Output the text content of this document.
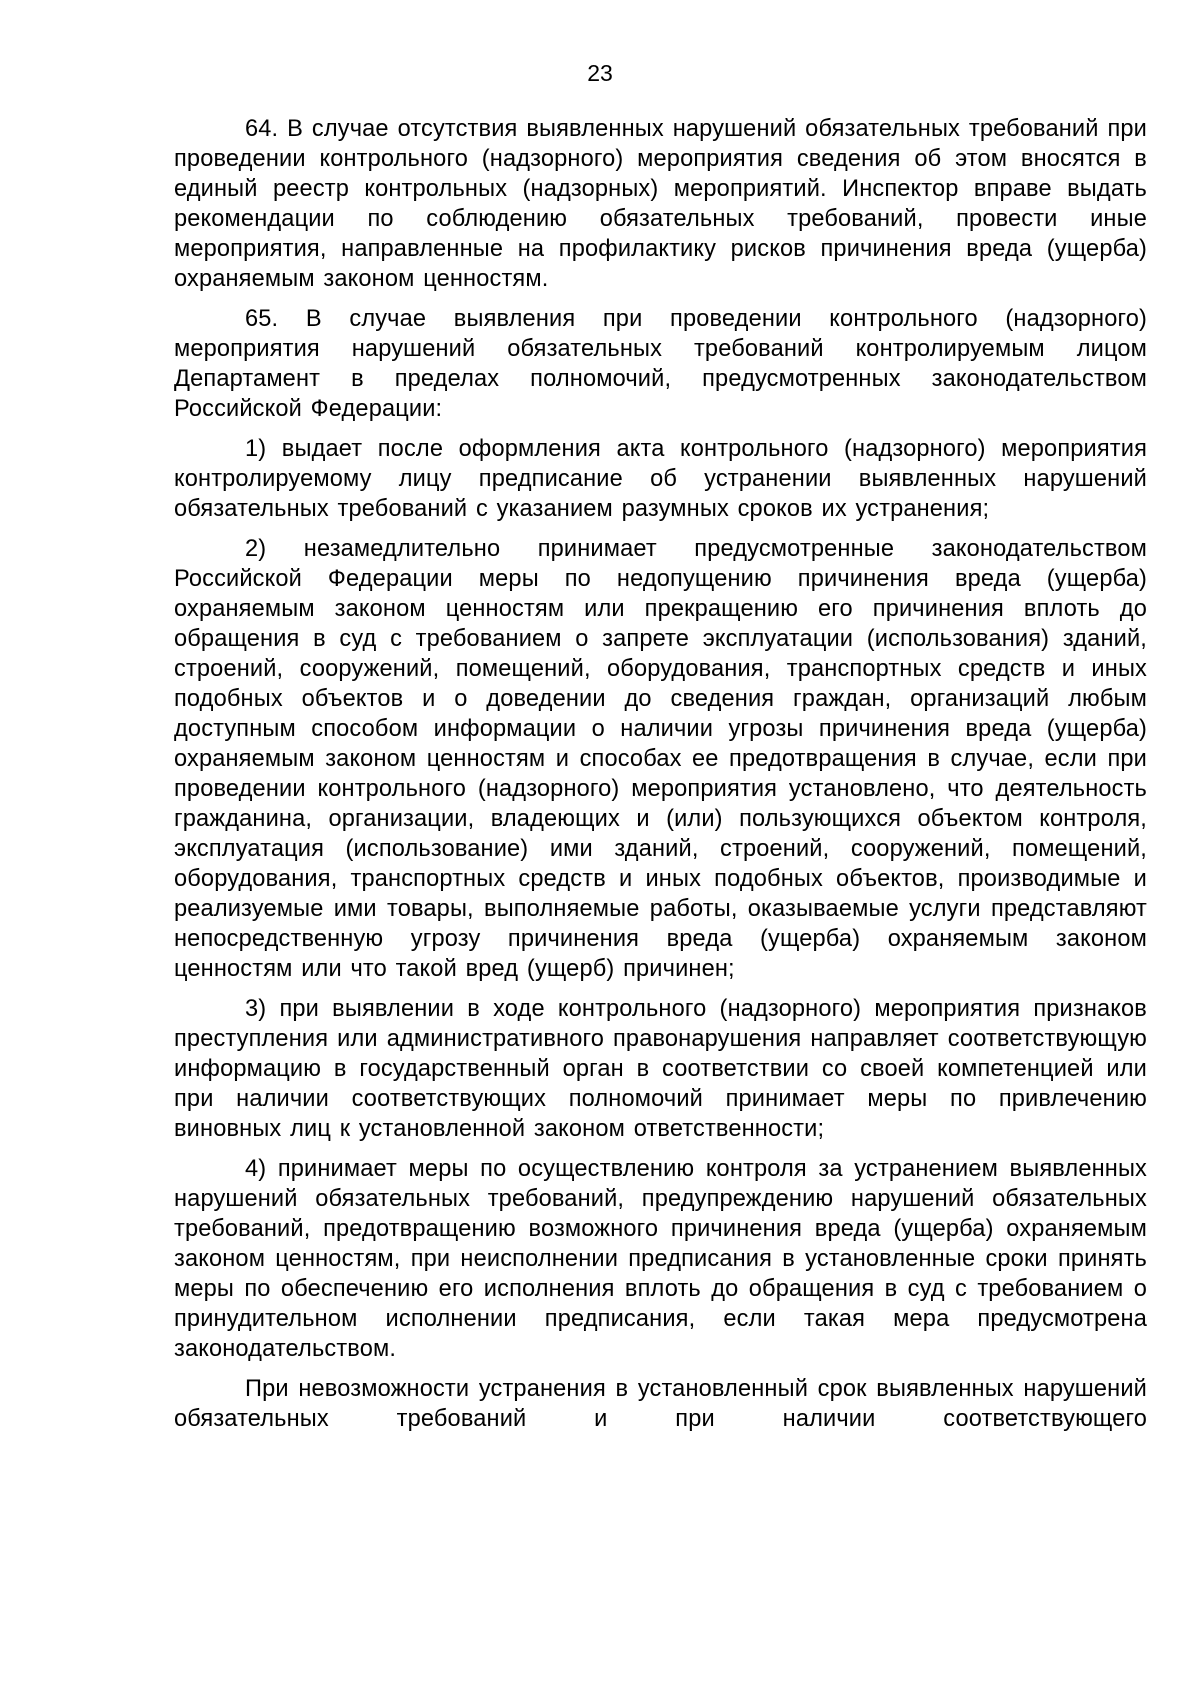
23

64. В случае отсутствия выявленных нарушений обязательных требований при проведении контрольного (надзорного) мероприятия сведения об этом вносятся в единый реестр контрольных (надзорных) мероприятий. Инспектор вправе выдать рекомендации по соблюдению обязательных требований, провести иные мероприятия, направленные на профилактику рисков причинения вреда (ущерба) охраняемым законом ценностям.

65. В случае выявления при проведении контрольного (надзорного) мероприятия нарушений обязательных требований контролируемым лицом Департамент в пределах полномочий, предусмотренных законодательством Российской Федерации:

1) выдает после оформления акта контрольного (надзорного) мероприятия контролируемому лицу предписание об устранении выявленных нарушений обязательных требований с указанием разумных сроков их устранения;

2) незамедлительно принимает предусмотренные законодательством Российской Федерации меры по недопущению причинения вреда (ущерба) охраняемым законом ценностям или прекращению его причинения вплоть до обращения в суд с требованием о запрете эксплуатации (использования) зданий, строений, сооружений, помещений, оборудования, транспортных средств и иных подобных объектов и о доведении до сведения граждан, организаций любым доступным способом информации о наличии угрозы причинения вреда (ущерба) охраняемым законом ценностям и способах ее предотвращения в случае, если при проведении контрольного (надзорного) мероприятия установлено, что деятельность гражданина, организации, владеющих и (или) пользующихся объектом контроля, эксплуатация (использование) ими зданий, строений, сооружений, помещений, оборудования, транспортных средств и иных подобных объектов, производимые и реализуемые ими товары, выполняемые работы, оказываемые услуги представляют непосредственную угрозу причинения вреда (ущерба) охраняемым законом ценностям или что такой вред (ущерб) причинен;

3) при выявлении в ходе контрольного (надзорного) мероприятия признаков преступления или административного правонарушения направляет соответствующую информацию в государственный орган в соответствии со своей компетенцией или при наличии соответствующих полномочий принимает меры по привлечению виновных лиц к установленной законом ответственности;

4) принимает меры по осуществлению контроля за устранением выявленных нарушений обязательных требований, предупреждению нарушений обязательных требований, предотвращению возможного причинения вреда (ущерба) охраняемым законом ценностям, при неисполнении предписания в установленные сроки принять меры по обеспечению его исполнения вплоть до обращения в суд с требованием о принудительном исполнении предписания, если такая мера предусмотрена законодательством.

При невозможности устранения в установленный срок выявленных нарушений обязательных требований и при наличии соответствующего
